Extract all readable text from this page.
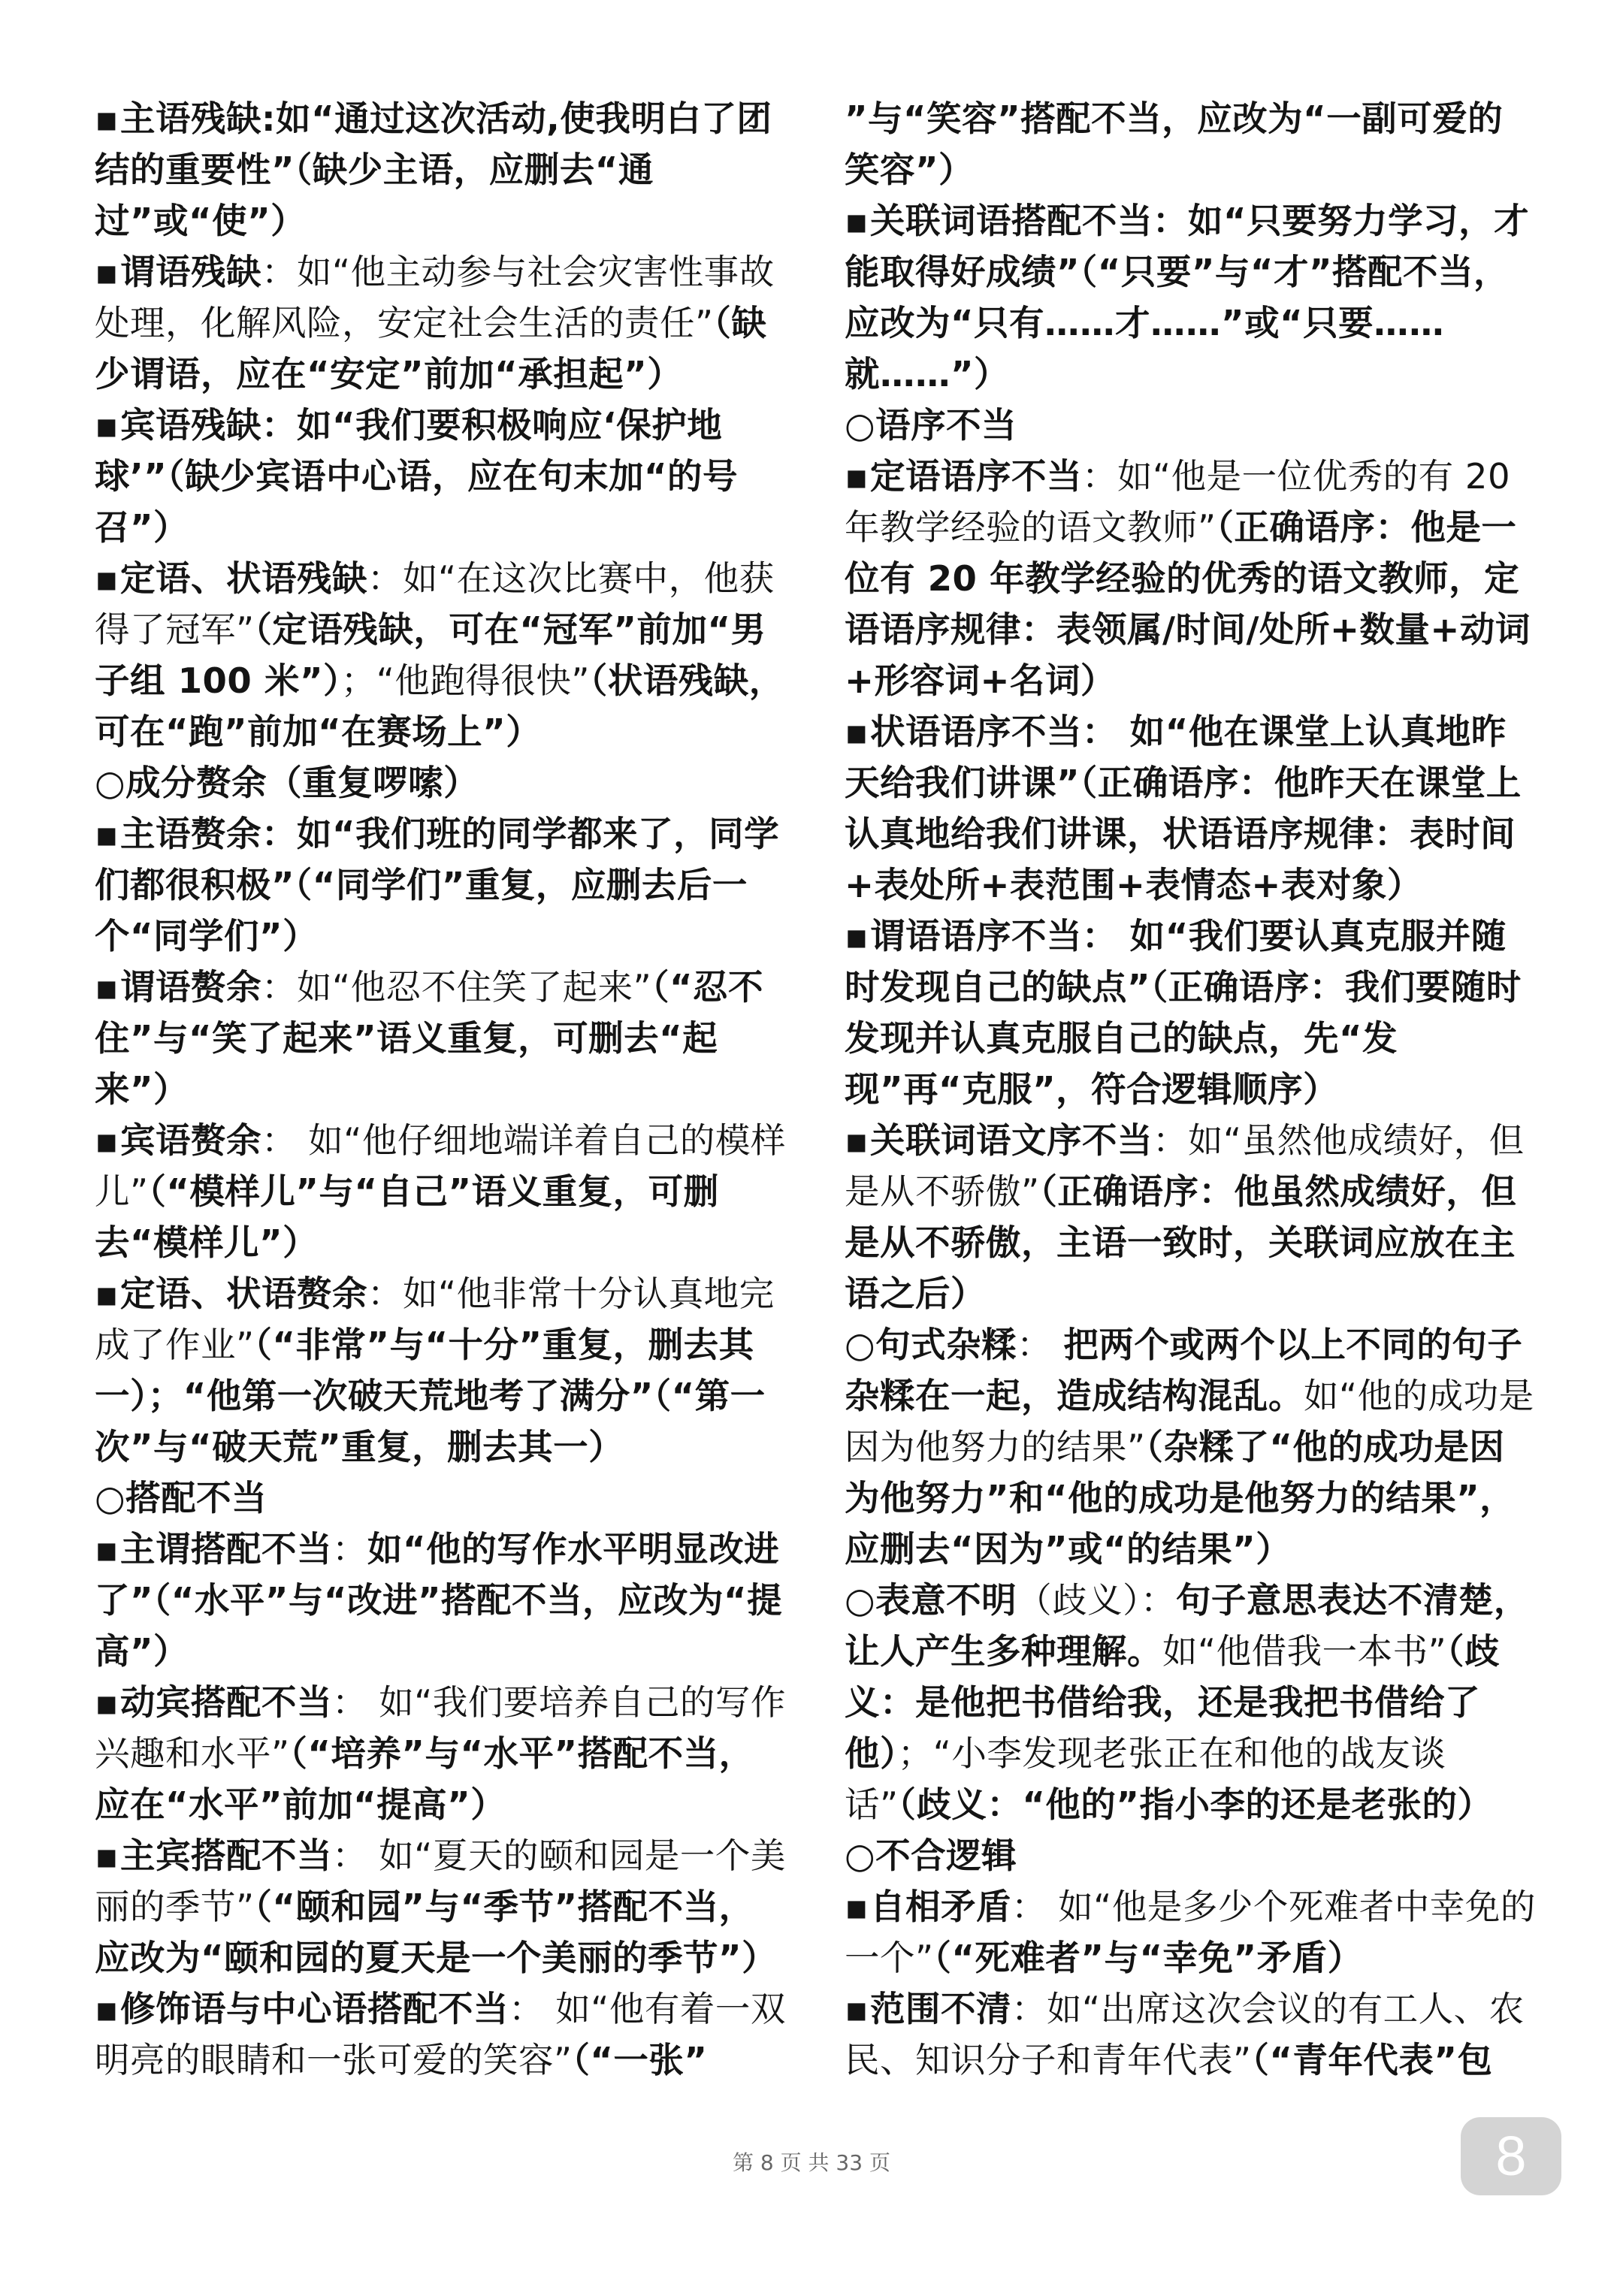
▪主语残缺:如“通过这次活动,使我明白了团结的重要性”（缺少主语，应删去“通过”或“使”）
▪谓语残缺：如“他主动参与社会灾害性事故处理，化解风险，安定社会生活的责任”（缺少谓语，应在“安定”前加“承担起”）
▪宾语残缺：如“我们要积极响应‘保护地球’”（缺少宾语中心语，应在句末加“的号召”）
▪定语、状语残缺：如“在这次比赛中，他获得了冠军”（定语残缺，可在“冠军”前加“男子组 100 米”）；“他跑得很快”（状语残缺，可在“跑”前加“在赛场上”）
○成分赘余（重复啰嗦）
▪主语赘余：如“我们班的同学都来了，同学们都很积极”（“同学们”重复，应删去后一个“同学们”）
▪谓语赘余：如“他忍不住笑了起来”（“忍不住”与“笑了起来”语义重复，可删去“起来”）
▪宾语赘余： 如“他仔细地端详着自己的模样儿”（“模样儿”与“自己”语义重复，可删去“模样儿”）
▪定语、状语赘余：如“他非常十分认真地完成了作业”（“非常”与“十分”重复，删去其一）；“他第一次破天荒地考了满分”（“第一次”与“破天荒”重复，删去其一）
○搭配不当
▪主谓搭配不当：如“他的写作水平明显改进了”（“水平”与“改进”搭配不当，应改为“提高”）
▪动宾搭配不当： 如“我们要培养自己的写作兴趣和水平”（“培养”与“水平”搭配不当，应在“水平”前加“提高”）
▪主宾搭配不当： 如“夏天的颐和园是一个美丽的季节”（“颐和园”与“季节”搭配不当，应改为“颐和园的夏天是一个美丽的季节”）
▪修饰语与中心语搭配不当： 如“他有着一双明亮的眼睛和一张可爱的笑容”（“一张”
”与“笑容”搭配不当，应改为“一副可爱的笑容”）
▪关联词语搭配不当：如“只要努力学习，才能取得好成绩”（“只要”与“才”搭配不当，应改为“只有……才……”或“只要……就……”）
○语序不当
▪定语语序不当：如“他是一位优秀的有 20 年教学经验的语文教师”（正确语序：他是一位有 20 年教学经验的优秀的语文教师，定语语序规律：表领属/时间/处所+数量+动词+形容词+名词）
▪状语语序不当： 如“他在课堂上认真地昨天给我们讲课”（正确语序：他昨天在课堂上认真地给我们讲课，状语语序规律：表时间+表处所+表范围+表情态+表对象）
▪谓语语序不当： 如“我们要认真克服并随时发现自己的缺点”（正确语序：我们要随时发现并认真克服自己的缺点，先“发现”再“克服”，符合逻辑顺序）
▪关联词语文序不当：如“虽然他成绩好，但是从不骄傲”（正确语序：他虽然成绩好，但是从不骄傲，主语一致时，关联词应放在主语之后）
○句式杂糅： 把两个或两个以上不同的句子杂糅在一起，造成结构混乱。如“他的成功是因为他努力的结果”（杂糅了“他的成功是因为他努力”和“他的成功是他努力的结果”，应删去“因为”或“的结果”）
○表意不明（歧义）：句子意思表达不清楚，让人产生多种理解。如“他借我一本书”（歧义：是他把书借给我，还是我把书借给了他）；“小李发现老张正在和他的战友谈话”（歧义：“他的”指小李的还是老张的）
○不合逻辑
▪自相矛盾： 如“他是多少个死难者中幸免的一个”（“死难者”与“幸免”矛盾）
▪范围不清：如“出席这次会议的有工人、农民、知识分子和青年代表”（“青年代表”包
第 8 页 共 33 页	8
